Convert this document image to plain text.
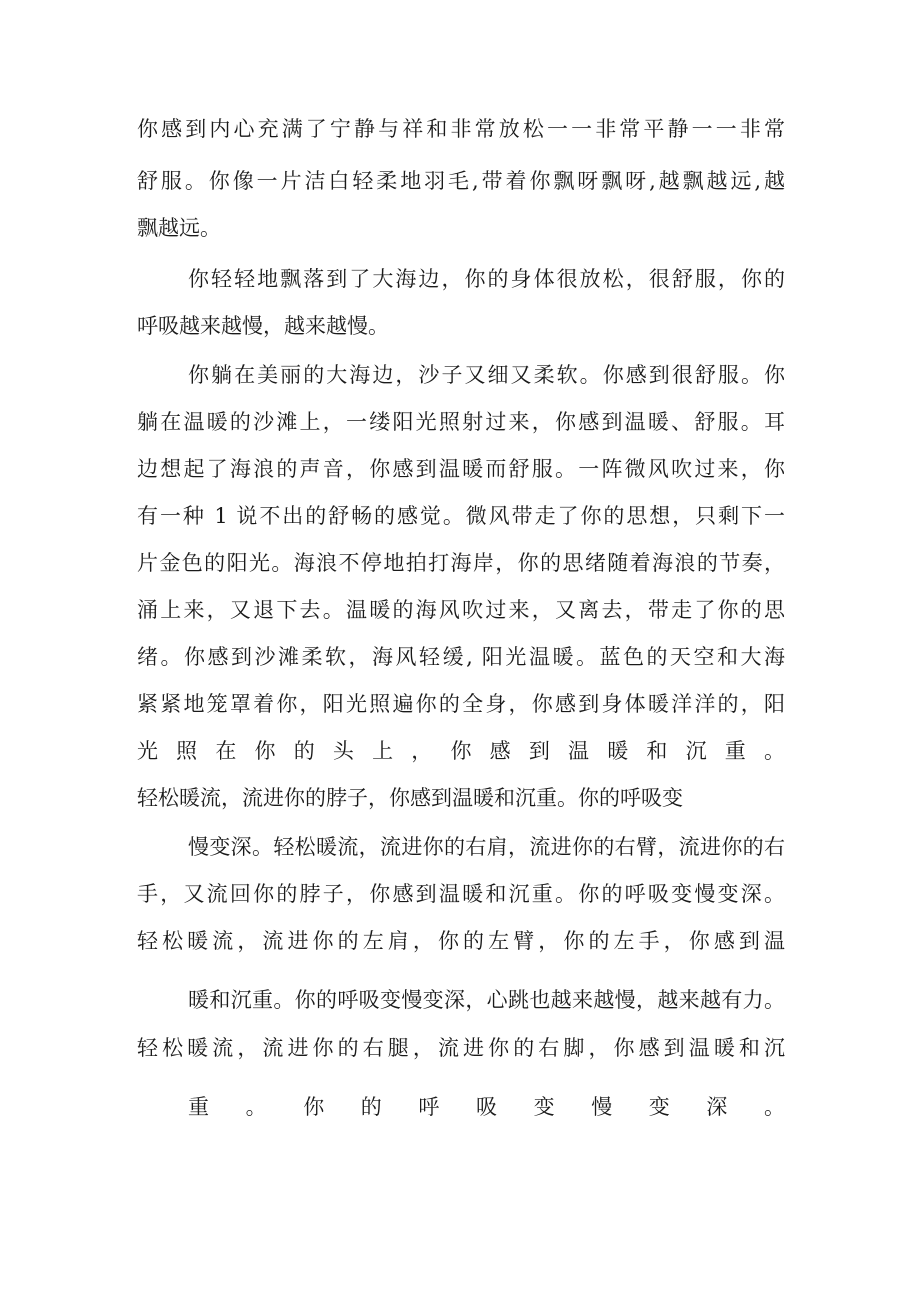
你感到内心充满了宁静与祥和非常放松一一非常平静一一非常

舒服。你像一片洁白轻柔地羽毛,带着你飘呀飘呀,越飘越远,越

飘越远。

你轻轻地飘落到了大海边，你的身体很放松，很舒服，你的

呼吸越来越慢，越来越慢。

你躺在美丽的大海边，沙子又细又柔软。你感到很舒服。你

躺在温暖的沙滩上，一缕阳光照射过来，你感到温暖、舒服。耳

边想起了海浪的声音，你感到温暖而舒服。一阵微风吹过来，你

有一种 1 说不出的舒畅的感觉。微风带走了你的思想，只剩下一

片金色的阳光。海浪不停地拍打海岸，你的思绪随着海浪的节奏，

涌上来，又退下去。温暖的海风吹过来，又离去，带走了你的思

绪。你感到沙滩柔软，海风轻缓, 阳光温暖。蓝色的天空和大海

紧紧地笼罩着你，阳光照遍你的全身，你感到身体暖洋洋的，阳

光照在你的头上，你感到温暖和沉重。

轻松暖流，流进你的脖子，你感到温暖和沉重。你的呼吸变

慢变深。轻松暖流，流进你的右肩，流进你的右臂，流进你的右

手，又流回你的脖子，你感到温暖和沉重。你的呼吸变慢变深。

轻松暖流，流进你的左肩，你的左臂，你的左手，你感到温

暖和沉重。你的呼吸变慢变深，心跳也越来越慢，越来越有力。

轻松暖流，流进你的右腿，流进你的右脚，你感到温暖和沉

重。你的呼吸变慢变深。
